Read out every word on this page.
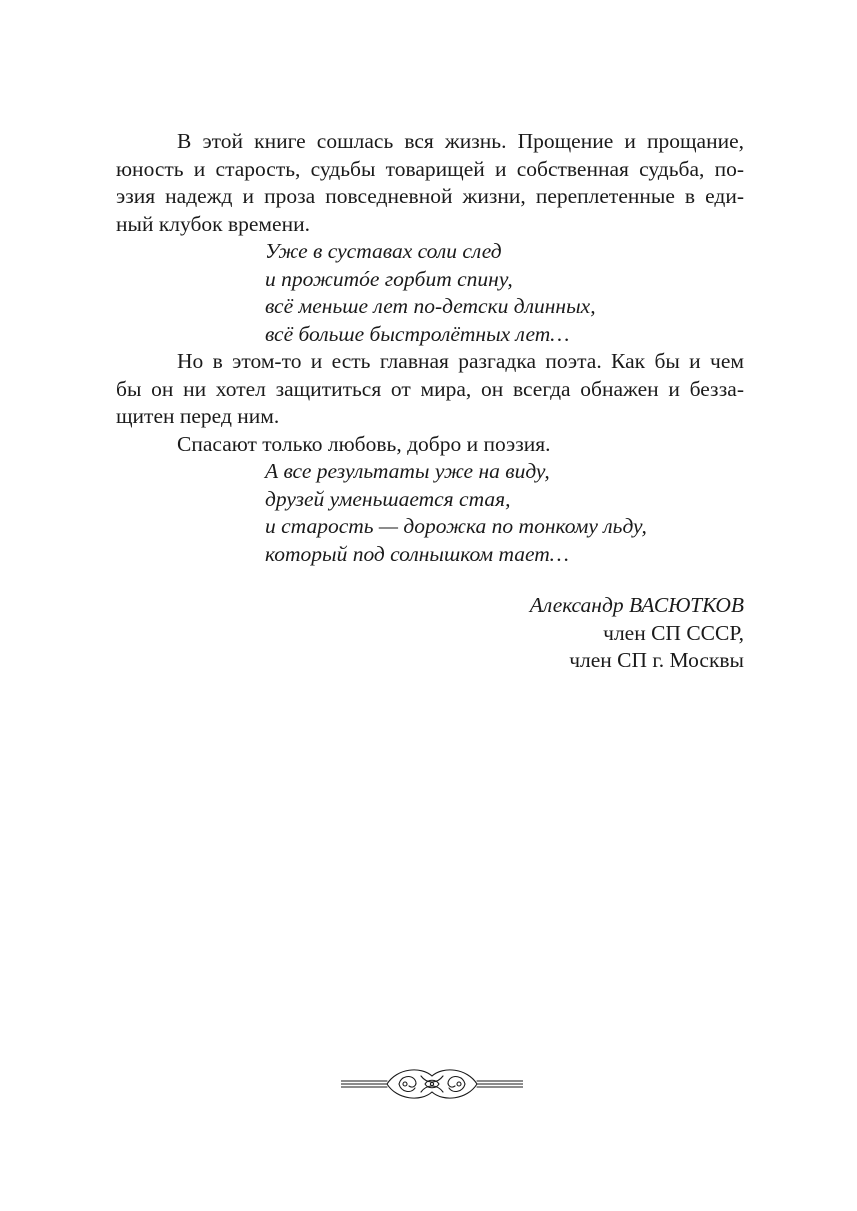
В этой книге сошлась вся жизнь. Прощение и прощание,
юность и старость, судьбы товарищей и собственная судьба, по-
эзия надежд и проза повседневной жизни, переплетенные в еди-
ный клубок времени.
Уже в суставах соли след
и прожитóе горбит спину,
всё меньше лет по-детски длинных,
всё больше быстролётных лет…
Но в этом-то и есть главная разгадка поэта. Как бы и чем
бы он ни хотел защититься от мира, он всегда обнажен и безза-
щитен перед ним.
Спасают только любовь, добро и поэзия.
А все результаты уже на виду,
друзей уменьшается стая,
и старость — дорожка по тонкому льду,
который под солнышком тает…
Александр ВАСЮТКОВ
член СП СССР,
член СП г. Москвы
